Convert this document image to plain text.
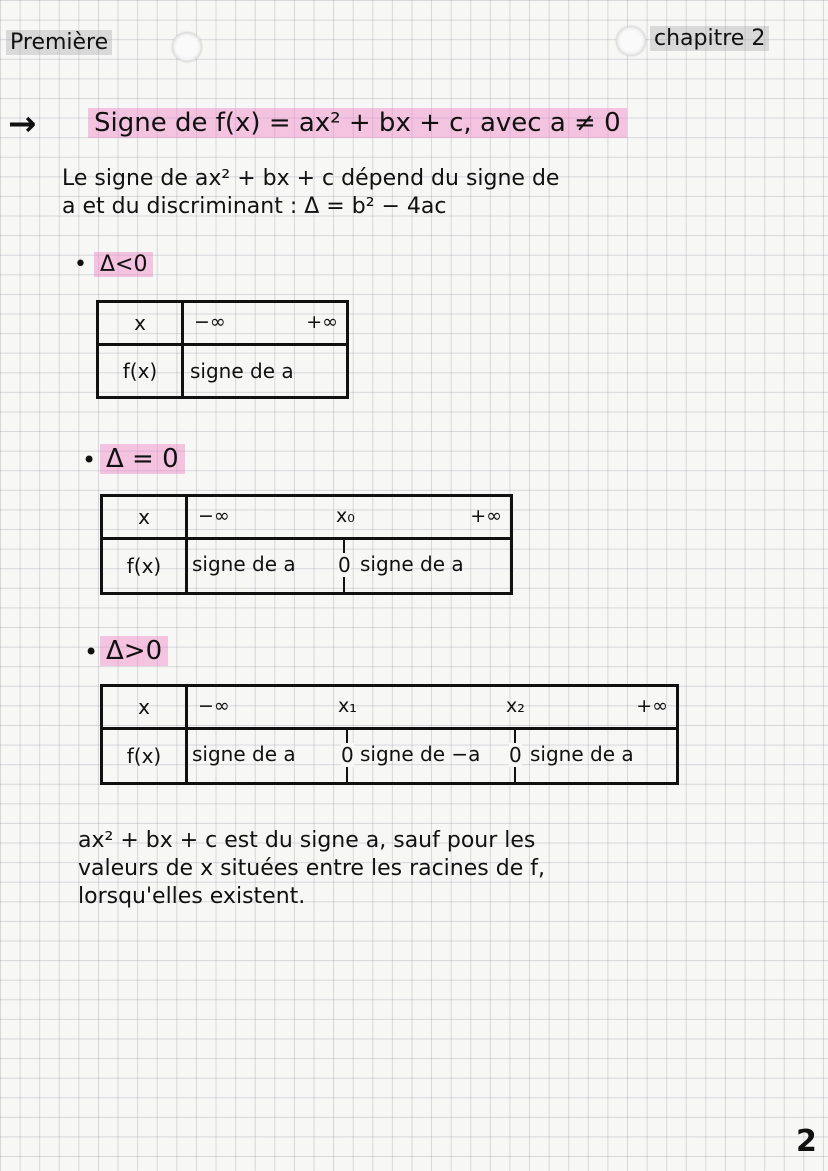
Première	chapitre 2
→ Signe de f(x) = ax² + bx + c, avec a ≠ 0
Le signe de ax² + bx + c dépend du signe de
a et du discriminant : Δ = b² − 4ac
• Δ<0
x	−∞ +∞

f(x)	signe de a
• Δ = 0
x	−∞ x₀ +∞

f(x)	signe de a 0 signe de a
• Δ>0
x	−∞ x₁ x₂ +∞

f(x)	signe de a 0 signe de −a 0 signe de a
ax² + bx + c est du signe a, sauf pour les
valeurs de x situées entre les racines de f,
lorsqu'elles existent.
2
